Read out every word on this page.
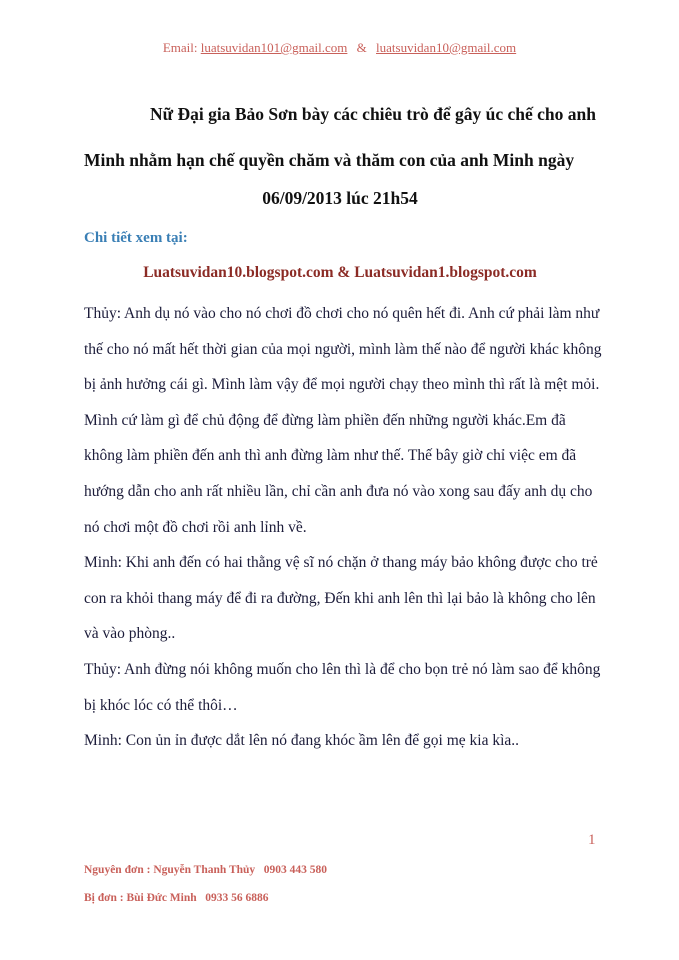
Email: luatsuvidan101@gmail.com & luatsuvidan10@gmail.com
Nữ Đại gia Bảo Sơn bày các chiêu trò để gây úc chế cho anh
Minh nhằm hạn chế quyền chăm và thăm con của anh Minh ngày
06/09/2013 lúc 21h54
Chi tiết xem tại:
Luatsuvidan10.blogspot.com & Luatsuvidan1.blogspot.com

Thủy: Anh dụ nó vào cho nó chơi đồ chơi cho nó quên hết đi. Anh cứ phải làm như thế cho nó mất hết thời gian của mọi người, mình làm thế nào để người khác không bị ảnh hưởng cái gì. Mình làm vậy để mọi người chạy theo mình thì rất là mệt mỏi. Mình cứ làm gì để chủ động để đừng làm phiền đến những người khác.Em đã không làm phiền đến anh thì anh đừng làm như thế. Thế bây giờ chỉ việc em đã hướng dẫn cho anh rất nhiều lần, chỉ cần anh đưa nó vào xong sau đấy anh dụ cho nó chơi một đồ chơi rồi anh lỉnh về.

Minh: Khi anh đến có hai thằng vệ sĩ nó chặn ở thang máy bảo không được cho trẻ con ra khỏi thang máy để đi ra đường, Đến khi anh lên thì lại bảo là không cho lên và vào phòng..

Thủy: Anh đừng nói không muốn cho lên thì là để cho bọn trẻ nó làm sao để không bị khóc lóc có thể thôi…

Minh: Con ủn ỉn được dắt lên nó đang khóc ầm lên để gọi mẹ kia kìa..

1
Nguyên đơn : Nguyễn Thanh Thủy   0903 443 580
Bị đơn : Bùi Đức Minh   0933 56 6886
